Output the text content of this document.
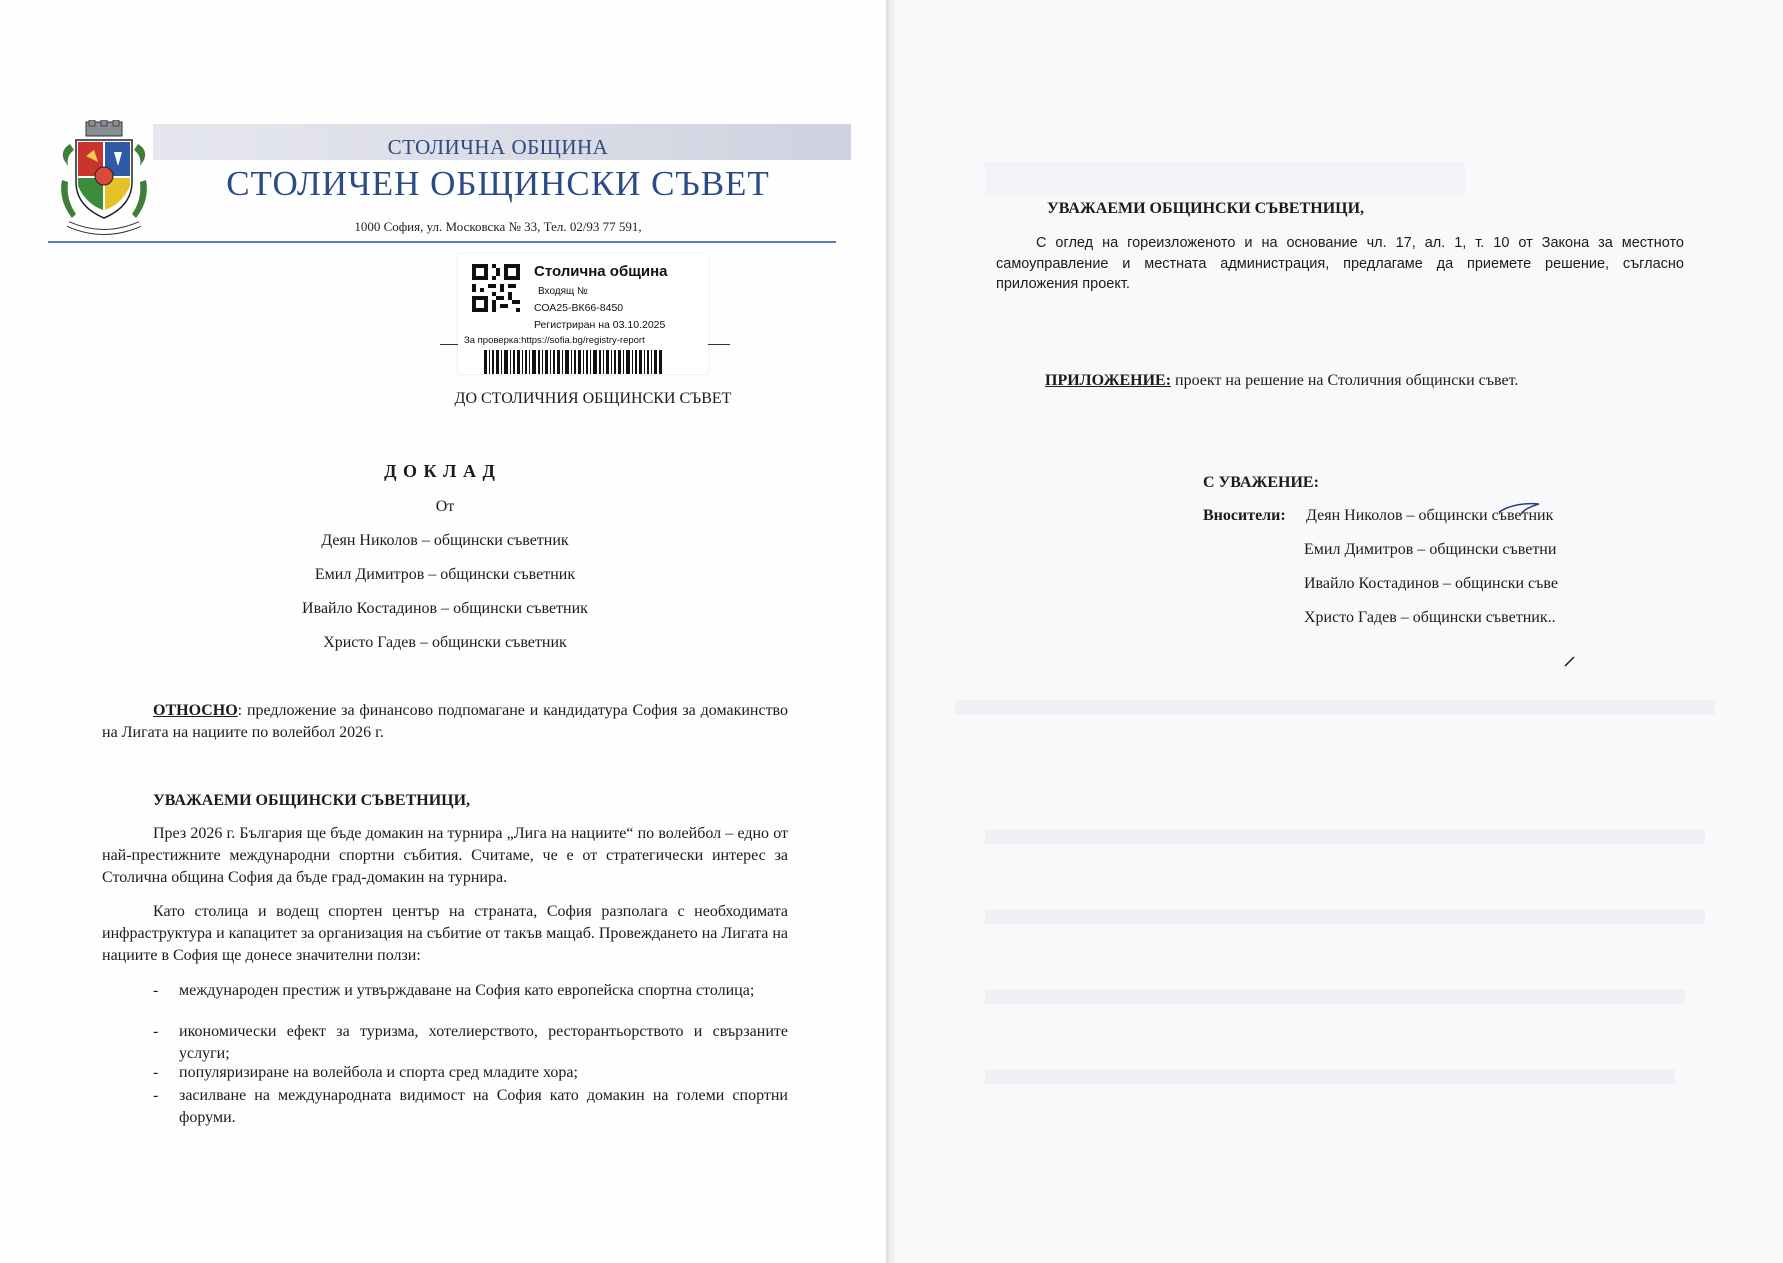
СТОЛИЧНА ОБЩИНА
СТОЛИЧЕН ОБЩИНСКИ СЪВЕТ
1000 София, ул. Московска № 33, Тел. 02/93 77 591,
Столична община
Входящ №
СОА25-ВК66-8450
Регистриран на 03.10.2025
За проверка:https://sofia.bg/registry-report
ДО СТОЛИЧНИЯ ОБЩИНСКИ СЪВЕТ
Д О К Л А Д
От
Деян Николов – общински съветник
Емил Димитров – общински съветник
Ивайло Костадинов – общински съветник
Христо Гадев – общински съветник
ОТНОСНО: предложение за финансово подпомагане и кандидатура София за домакинство на Лигата на нациите по волейбол 2026 г.
УВАЖАЕМИ ОБЩИНСКИ СЪВЕТНИЦИ,
През 2026 г. България ще бъде домакин на турнира „Лига на нациите“ по волейбол – едно от най-престижните международни спортни събития. Считаме, че е от стратегически интерес за Столична община София да бъде град-домакин на турнира.
Като столица и водещ спортен център на страната, София разполага с необходимата инфраструктура и капацитет за организация на събитие от такъв мащаб. Провеждането на Лигата на нациите в София ще донесе значителни ползи:
- международен престиж и утвърждаване на София като европейска спортна столица;
- икономически ефект за туризма, хотелиерството, ресторантьорството и свързаните услуги;
- популяризиране на волейбола и спорта сред младите хора;
- засилване на международната видимост на София като домакин на големи спортни форуми.
УВАЖАЕМИ ОБЩИНСКИ СЪВЕТНИЦИ,
С оглед на гореизложеното и на основание чл. 17, ал. 1, т. 10 от Закона за местното самоуправление и местната администрация, предлагаме да приемете решение, съгласно приложения проект.
ПРИЛОЖЕНИЕ: проект на решение на Столичния общински съвет.
С УВАЖЕНИЕ:
Вносители: Деян Николов – общински съветник
Емил Димитров – общински съветни
Ивайло Костадинов – общински съве
Христо Гадев – общински съветник..
